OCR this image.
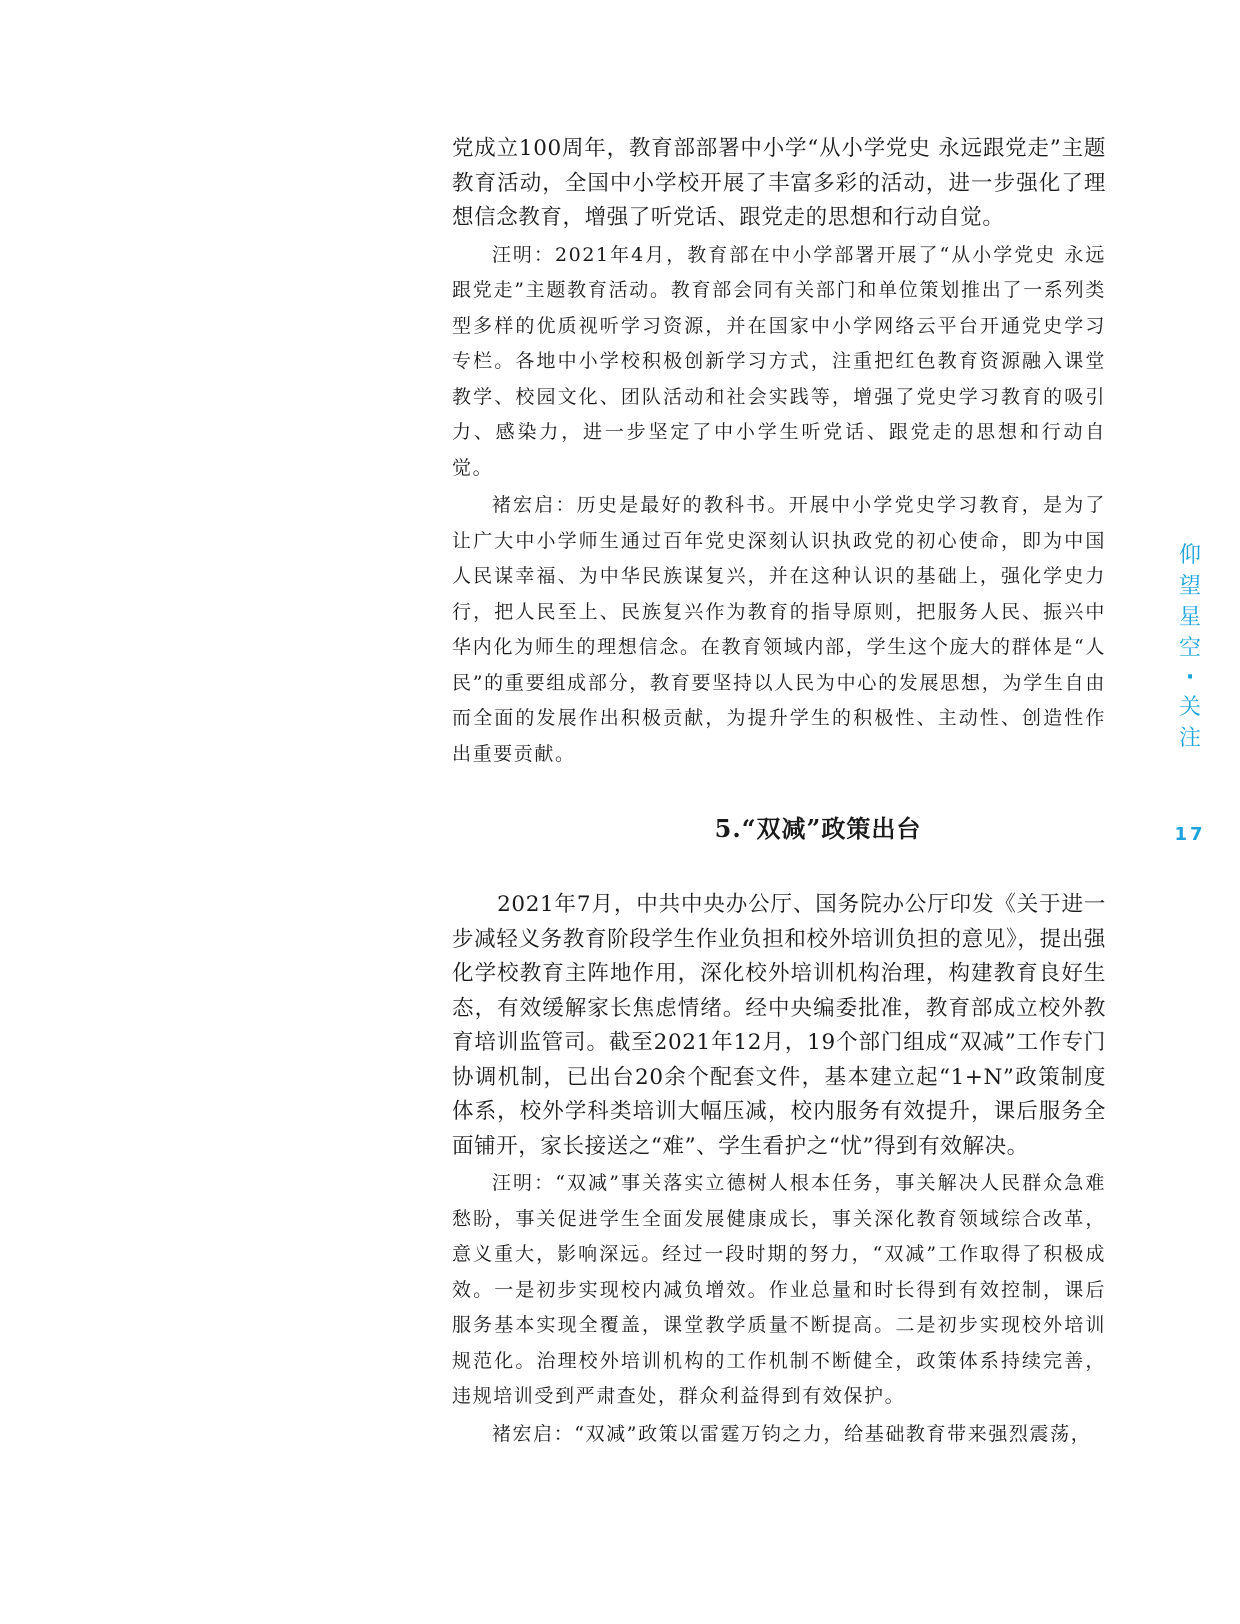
党成立100周年，教育部部署中小学“从小学党史 永远跟党走”主题教育活动，全国中小学校开展了丰富多彩的活动，进一步强化了理想信念教育，增强了听党话、跟党走的思想和行动自觉。

汪明：2021年4月，教育部在中小学部署开展了“从小学党史 永远跟党走”主题教育活动。教育部会同有关部门和单位策划推出了一系列类型多样的优质视听学习资源，并在国家中小学网络云平台开通党史学习专栏。各地中小学校积极创新学习方式，注重把红色教育资源融入课堂教学、校园文化、团队活动和社会实践等，增强了党史学习教育的吸引力、感染力，进一步坚定了中小学生听党话、跟党走的思想和行动自觉。

褚宏启：历史是最好的教科书。开展中小学党史学习教育，是为了让广大中小学师生通过百年党史深刻认识执政党的初心使命，即为中国人民谋幸福、为中华民族谋复兴，并在这种认识的基础上，强化学史力行，把人民至上、民族复兴作为教育的指导原则，把服务人民、振兴中华内化为师生的理想信念。在教育领域内部，学生这个庞大的群体是“人民”的重要组成部分，教育要坚持以人民为中心的发展思想，为学生自由而全面的发展作出积极贡献，为提升学生的积极性、主动性、创造性作出重要贡献。

5.“双减”政策出台

2021年7月，中共中央办公厅、国务院办公厅印发《关于进一步减轻义务教育阶段学生作业负担和校外培训负担的意见》，提出强化学校教育主阵地作用，深化校外培训机构治理，构建教育良好生态，有效缓解家长焦虑情绪。经中央编委批准，教育部成立校外教育培训监管司。截至2021年12月，19个部门组成“双减”工作专门协调机制，已出台20余个配套文件，基本建立起“1+N”政策制度体系，校外学科类培训大幅压减，校内服务有效提升，课后服务全面铺开，家长接送之“难”、学生看护之“忧”得到有效解决。

汪明：“双减”事关落实立德树人根本任务，事关解决人民群众急难愁盼，事关促进学生全面发展健康成长，事关深化教育领域综合改革，意义重大，影响深远。经过一段时期的努力，“双减”工作取得了积极成效。一是初步实现校内减负增效。作业总量和时长得到有效控制，课后服务基本实现全覆盖，课堂教学质量不断提高。二是初步实现校外培训规范化。治理校外培训机构的工作机制不断健全，政策体系持续完善，违规培训受到严肃查处，群众利益得到有效保护。

褚宏启：“双减”政策以雷霆万钧之力，给基础教育带来强烈震荡，

仰
望
星
空
·
关
注
17
